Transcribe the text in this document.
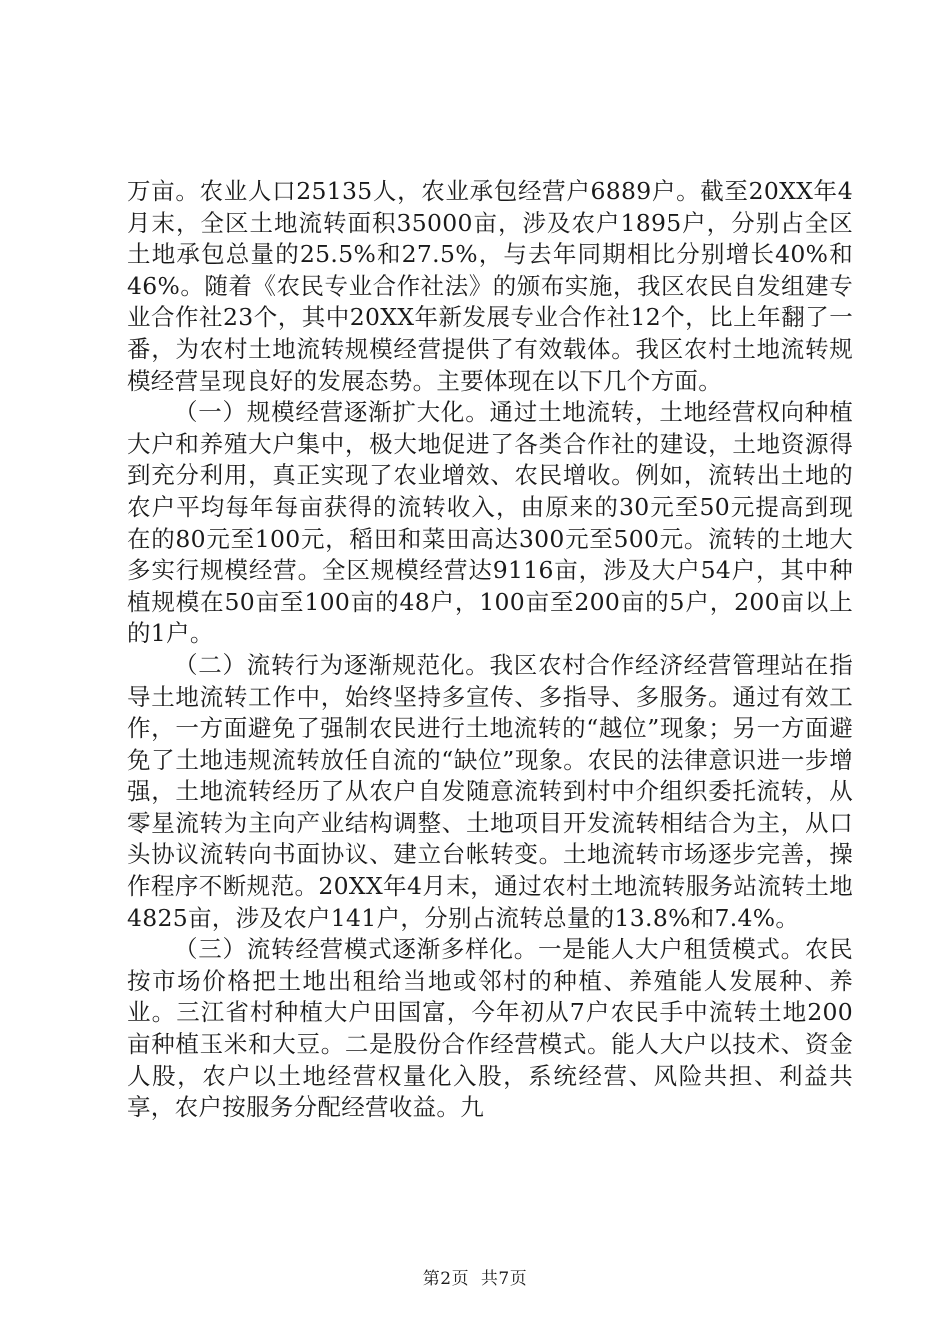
万亩。农业人口25135人，农业承包经营户6889户。截至20XX年4月末，全区土地流转面积35000亩，涉及农户1895户，分别占全区土地承包总量的25.5%和27.5%，与去年同期相比分别增长40%和46%。随着《农民专业合作社法》的颁布实施，我区农民自发组建专业合作社23个，其中20XX年新发展专业合作社12个，比上年翻了一番，为农村土地流转规模经营提供了有效载体。我区农村土地流转规模经营呈现良好的发展态势。主要体现在以下几个方面。

（一）规模经营逐渐扩大化。通过土地流转，土地经营权向种植大户和养殖大户集中，极大地促进了各类合作社的建设，土地资源得到充分利用，真正实现了农业增效、农民增收。例如，流转出土地的农户平均每年每亩获得的流转收入，由原来的30元至50元提高到现在的80元至100元，稻田和菜田高达300元至500元。流转的土地大多实行规模经营。全区规模经营达9116亩，涉及大户54户，其中种植规模在50亩至100亩的48户，100亩至200亩的5户，200亩以上的1户。

（二）流转行为逐渐规范化。我区农村合作经济经营管理站在指导土地流转工作中，始终坚持多宣传、多指导、多服务。通过有效工作，一方面避免了强制农民进行土地流转的“越位”现象；另一方面避免了土地违规流转放任自流的“缺位”现象。农民的法律意识进一步增强，土地流转经历了从农户自发随意流转到村中介组织委托流转，从零星流转为主向产业结构调整、土地项目开发流转相结合为主，从口头协议流转向书面协议、建立台帐转变。土地流转市场逐步完善，操作程序不断规范。20XX年4月末，通过农村土地流转服务站流转土地4825亩，涉及农户141户，分别占流转总量的13.8%和7.4%。

（三）流转经营模式逐渐多样化。一是能人大户租赁模式。农民按市场价格把土地出租给当地或邻村的种植、养殖能人发展种、养业。三江省村种植大户田国富，今年初从7户农民手中流转土地200亩种植玉米和大豆。二是股份合作经营模式。能人大户以技术、资金人股，农户以土地经营权量化入股，系统经营、风险共担、利益共享，农户按服务分配经营收益。九

第2页  共7页
